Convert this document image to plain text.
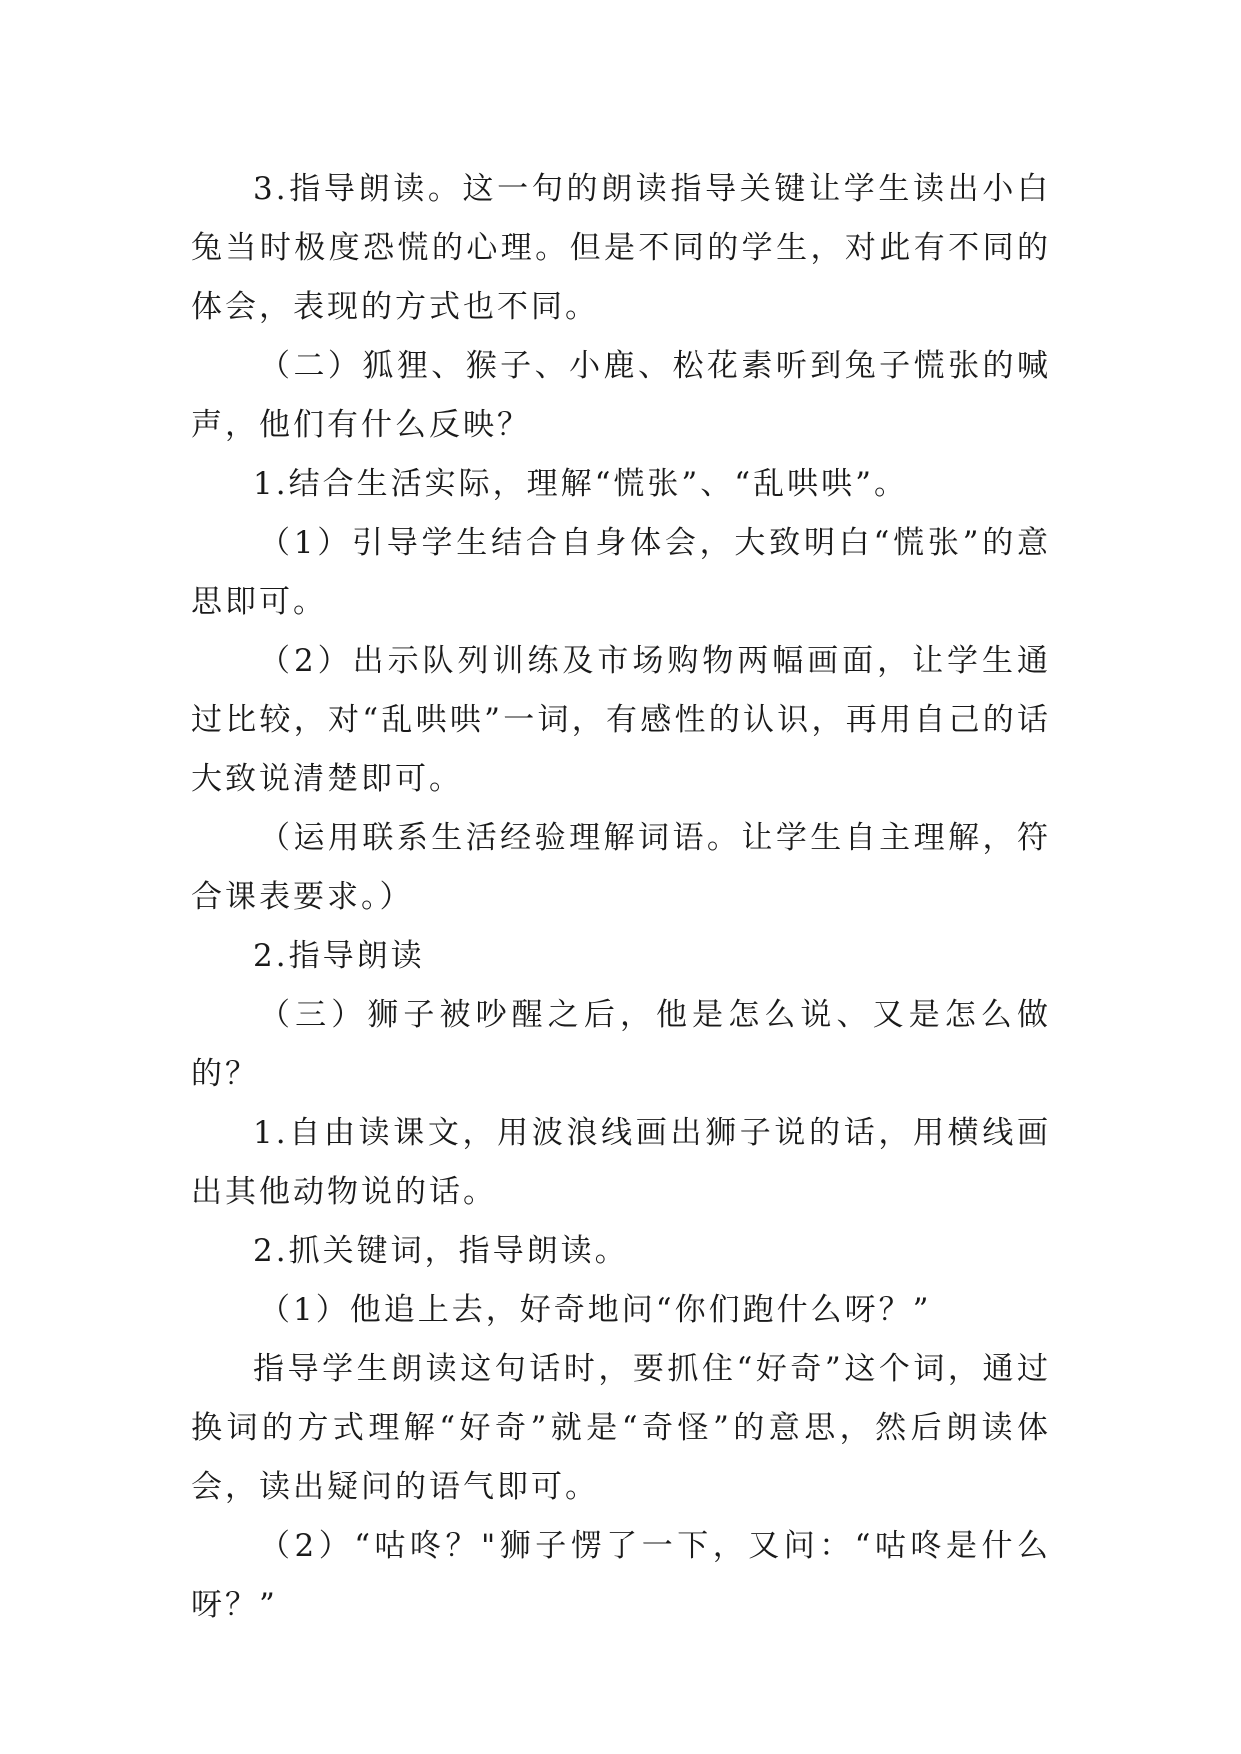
3.指导朗读。这一句的朗读指导关键让学生读出小白兔当时极度恐慌的心理。但是不同的学生，对此有不同的体会，表现的方式也不同。

（二）狐狸、猴子、小鹿、松花素听到兔子慌张的喊声，他们有什么反映？

1.结合生活实际，理解“慌张”、“乱哄哄”。

（1）引导学生结合自身体会，大致明白“慌张”的意思即可。

（2）出示队列训练及市场购物两幅画面，让学生通过比较，对“乱哄哄”一词，有感性的认识，再用自己的话大致说清楚即可。

（运用联系生活经验理解词语。让学生自主理解，符合课表要求。）

2.指导朗读

（三）狮子被吵醒之后，他是怎么说、又是怎么做的？

1.自由读课文，用波浪线画出狮子说的话，用横线画出其他动物说的话。

2.抓关键词，指导朗读。

（1）他追上去，好奇地问“你们跑什么呀？”

指导学生朗读这句话时，要抓住“好奇”这个词，通过换词的方式理解“好奇”就是“奇怪”的意思，然后朗读体会，读出疑问的语气即可。

（2）“咕咚？"狮子愣了一下，又问：“咕咚是什么呀？”
